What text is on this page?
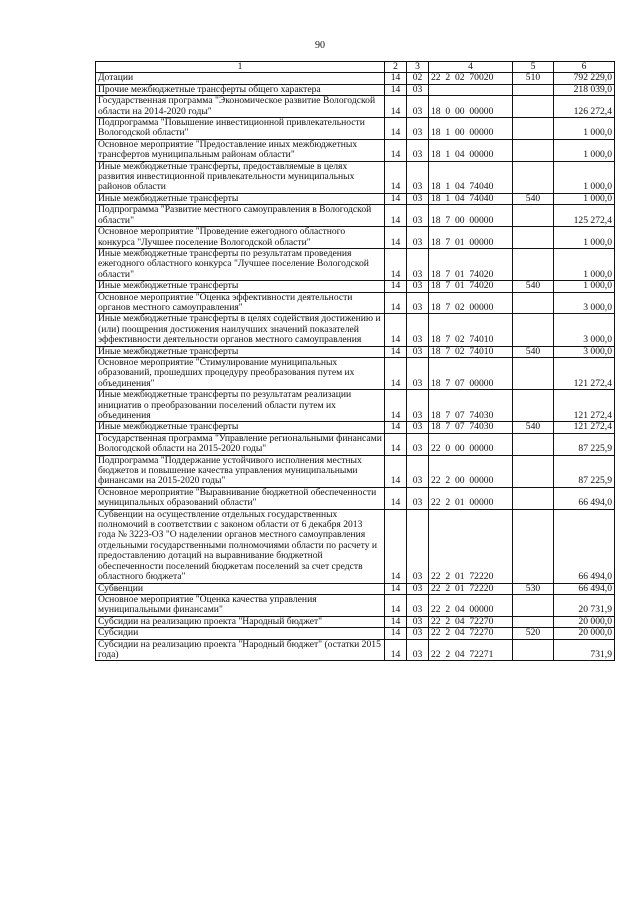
90
1	2	3	4	5	6
Дотации	14	02	22  2  02  70020	510	792 229,0
Прочие межбюджетные трансферты общего характера	14	03			218 039,0
Государственная программа "Экономическое развитие Вологодской области на 2014-2020 годы"	14	03	18  0  00  00000		126 272,4
Подпрограмма "Повышение инвестиционной привлекательности Вологодской области"	14	03	18  1  00  00000		1 000,0
Основное мероприятие "Предоставление иных межбюджетных трансфертов муниципальным районам области"	14	03	18  1  04  00000		1 000,0
Иные межбюджетные трансферты, предоставляемые в целях развития инвестиционной привлекательности муниципальных районов области	14	03	18  1  04  74040		1 000,0
Иные межбюджетные трансферты	14	03	18  1  04  74040	540	1 000,0
Подпрограмма "Развитие местного самоуправления в Вологодской области"	14	03	18  7  00  00000		125 272,4
Основное мероприятие "Проведение ежегодного областного конкурса "Лучшее поселение Вологодской области"	14	03	18  7  01  00000		1 000,0
Иные межбюджетные трансферты по результатам проведения ежегодного областного конкурса "Лучшее поселение Вологодской области"	14	03	18  7  01  74020		1 000,0
Иные межбюджетные трансферты	14	03	18  7  01  74020	540	1 000,0
Основное мероприятие "Оценка эффективности деятельности органов местного самоуправления"	14	03	18  7  02  00000		3 000,0
Иные межбюджетные трансферты в целях содействия достижению и (или) поощрения достижения наилучших значений показателей эффективности деятельности органов местного самоуправления	14	03	18  7  02  74010		3 000,0
Иные межбюджетные трансферты	14	03	18  7  02  74010	540	3 000,0
Основное мероприятие "Стимулирование муниципальных образований, прошедших процедуру преобразования путем их объединения"	14	03	18  7  07  00000		121 272,4
Иные межбюджетные трансферты по результатам реализации инициатив о преобразовании поселений области путем их объединения	14	03	18  7  07  74030		121 272,4
Иные межбюджетные трансферты	14	03	18  7  07  74030	540	121 272,4
Государственная программа "Управление региональными финансами Вологодской области на 2015-2020 годы"	14	03	22  0  00  00000		87 225,9
Подпрограмма "Поддержание устойчивого исполнения местных бюджетов и повышение качества управления муниципальными финансами на 2015-2020 годы"	14	03	22  2  00  00000		87 225,9
Основное мероприятие "Выравнивание бюджетной обеспеченности муниципальных образований области"	14	03	22  2  01  00000		66 494,0
Субвенции на осуществление отдельных государственных полномочий в соответствии с законом области от 6 декабря 2013 года № 3223-ОЗ "О наделении органов местного самоуправления отдельными государственными полномочиями области по расчету и предоставлению дотаций на выравнивание бюджетной обеспеченности поселений бюджетам поселений за счет средств областного бюджета"	14	03	22  2  01  72220		66 494,0
Субвенции	14	03	22  2  01  72220	530	66 494,0
Основное мероприятие "Оценка качества управления муниципальными финансами"	14	03	22  2  04  00000		20 731,9
Субсидии на реализацию проекта "Народный бюджет"	14	03	22  2  04  72270		20 000,0
Субсидии	14	03	22  2  04  72270	520	20 000,0
Субсидии на реализацию проекта "Народный бюджет" (остатки 2015 года)	14	03	22  2  04  72271		731,9
